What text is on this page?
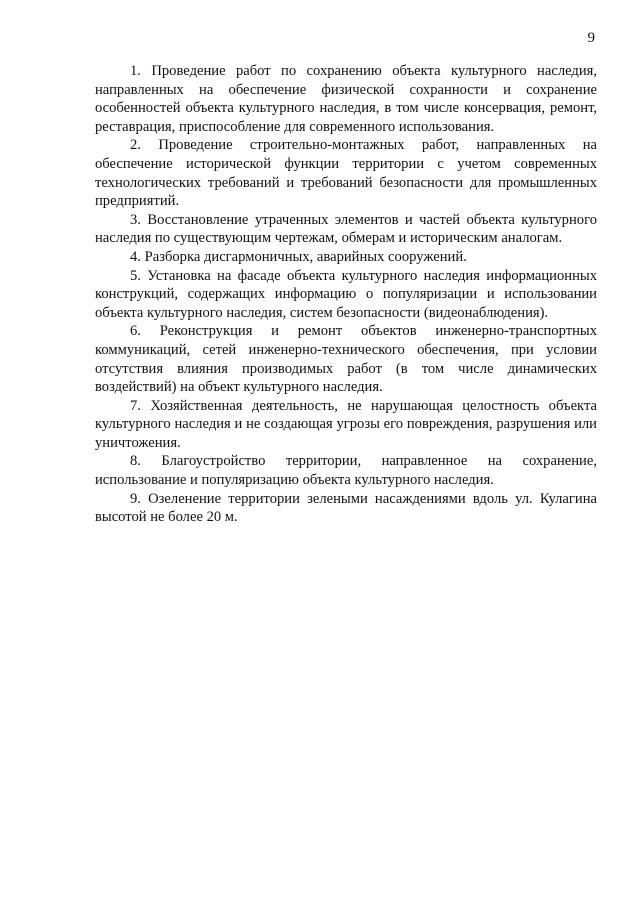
9

1. Проведение работ по сохранению объекта культурного наследия, направленных на обеспечение физической сохранности и сохранение особенностей объекта культурного наследия, в том числе консервация, ремонт, реставрация, приспособление для современного использования.

2. Проведение строительно-монтажных работ, направленных на обеспечение исторической функции территории с учетом современных технологических требований и требований безопасности для промышленных предприятий.

3. Восстановление утраченных элементов и частей объекта культурного наследия по существующим чертежам, обмерам и историческим аналогам.

4. Разборка дисгармоничных, аварийных сооружений.

5. Установка на фасаде объекта культурного наследия информационных конструкций, содержащих информацию о популяризации и использовании объекта культурного наследия, систем безопасности (видеонаблюдения).

6. Реконструкция и ремонт объектов инженерно-транспортных коммуникаций, сетей инженерно-технического обеспечения, при условии отсутствия влияния производимых работ (в том числе динамических воздействий) на объект культурного наследия.

7. Хозяйственная деятельность, не нарушающая целостность объекта культурного наследия и не создающая угрозы его повреждения, разрушения или уничтожения.

8. Благоустройство территории, направленное на сохранение, использование и популяризацию объекта культурного наследия.

9. Озеленение территории зелеными насаждениями вдоль ул. Кулагина высотой не более 20 м.
